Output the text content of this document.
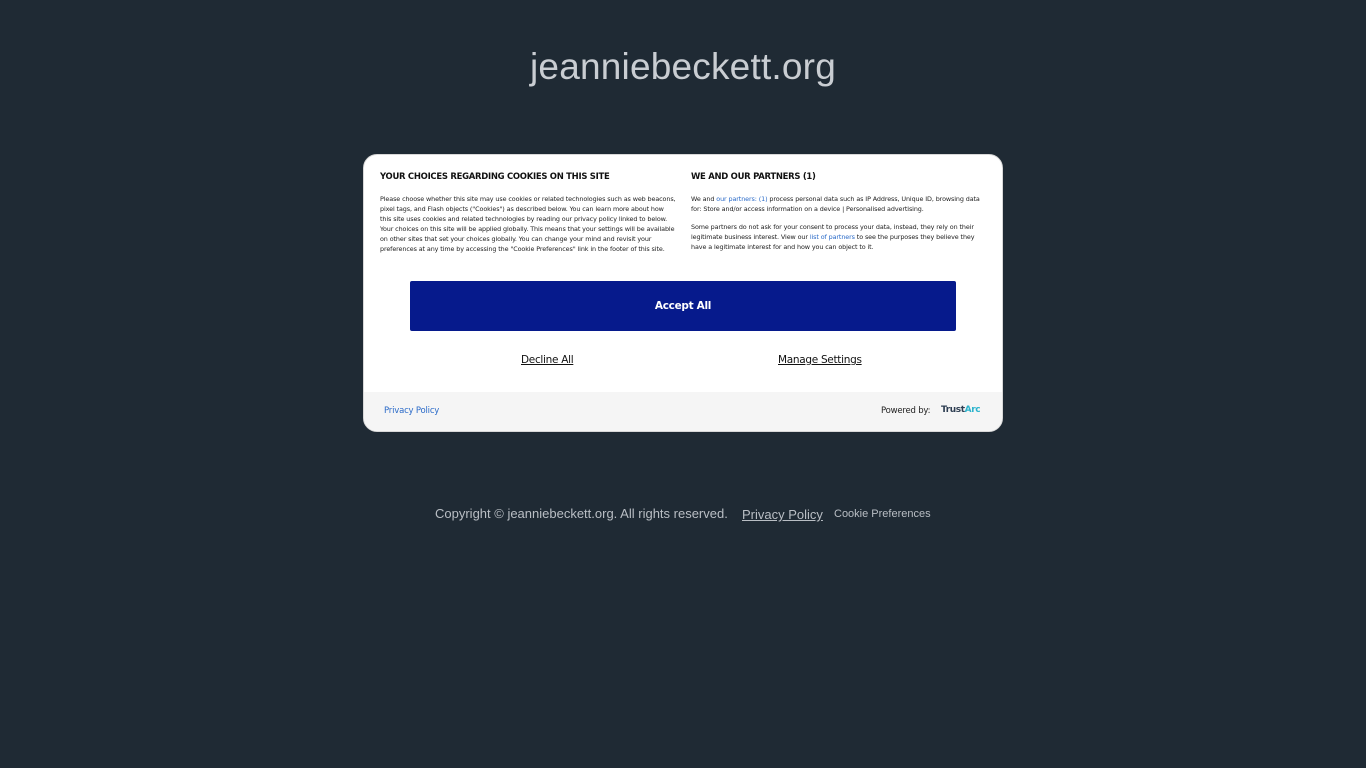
jeanniebeckett.org
YOUR CHOICES REGARDING COOKIES ON THIS SITE

Please choose whether this site may use cookies or related technologies such as web beacons, pixel tags, and Flash objects ("Cookies") as described below. You can learn more about how this site uses cookies and related technologies by reading our privacy policy linked to below. Your choices on this site will be applied globally. This means that your settings will be available on other sites that set your choices globally. You can change your mind and revisit your preferences at any time by accessing the "Cookie Preferences" link in the footer of this site.

WE AND OUR PARTNERS (1)

We and our partners: (1) process personal data such as IP Address, Unique ID, browsing data for: Store and/or access information on a device | Personalised advertising.

Some partners do not ask for your consent to process your data, instead, they rely on their legitimate business interest. View our list of partners to see the purposes they believe they have a legitimate interest for and how you can object to it.

Accept All
Decline All	Manage Settings
Privacy Policy	Powered by: TrustArc
Copyright © jeanniebeckett.org. All rights reserved. Privacy Policy Cookie Preferences
